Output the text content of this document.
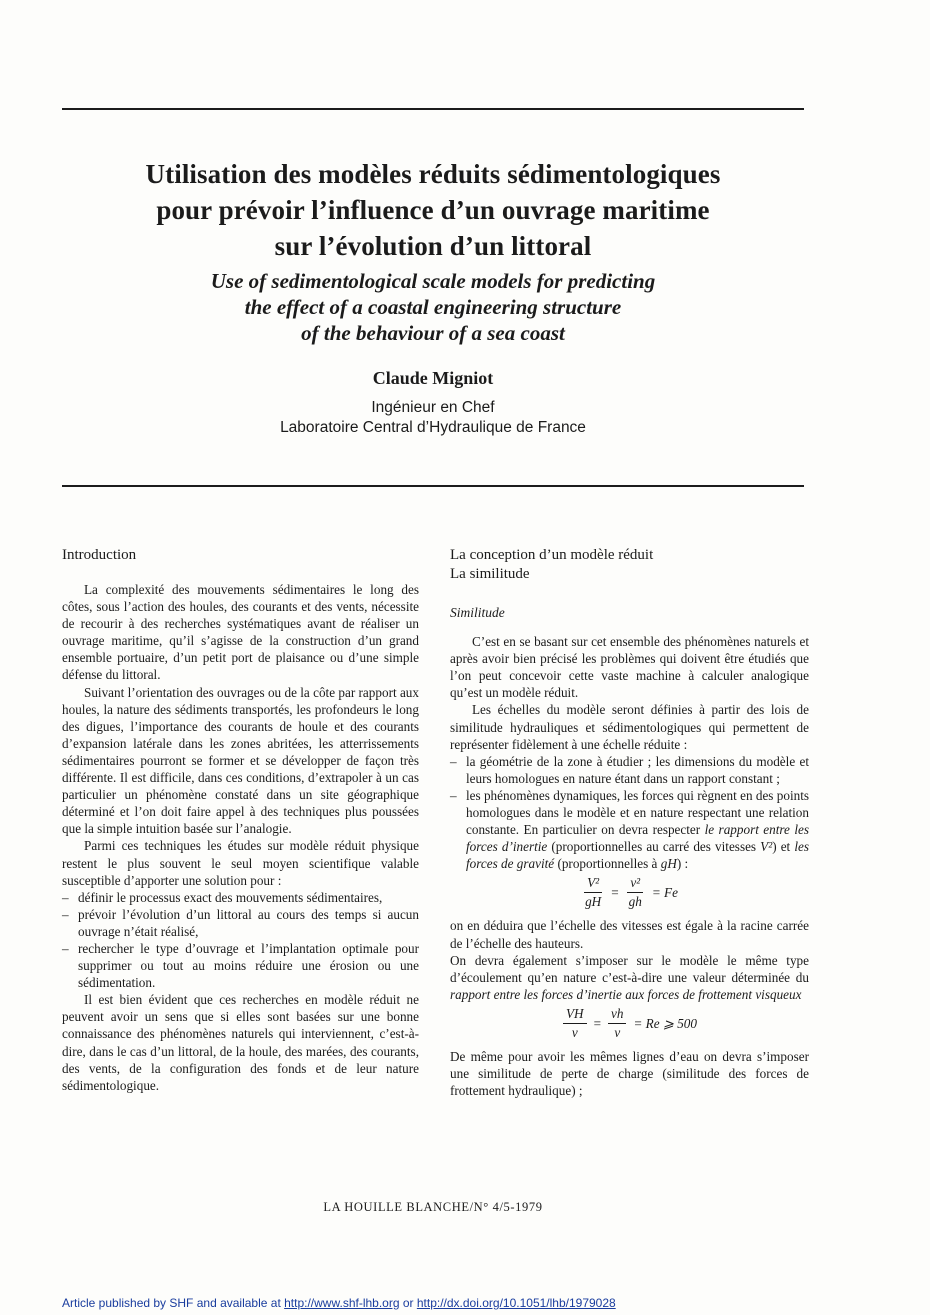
Utilisation des modèles réduits sédimentologiques
pour prévoir l’influence d’un ouvrage maritime
sur l’évolution d’un littoral
Use of sedimentological scale models for predicting
the effect of a coastal engineering structure
of the behaviour of a sea coast
Claude Migniot
Ingénieur en Chef
Laboratoire Central d’Hydraulique de France
Introduction

La complexité des mouvements sédimentaires le long des côtes, sous l’action des houles, des courants et des vents, nécessite de recourir à des recherches systématiques avant de réaliser un ouvrage maritime, qu’il s’agisse de la construction d’un grand ensemble portuaire, d’un petit port de plaisance ou d’une simple défense du littoral.

Suivant l’orientation des ouvrages ou de la côte par rapport aux houles, la nature des sédiments transportés, les profondeurs le long des digues, l’importance des courants de houle et des courants d’expansion latérale dans les zones abritées, les atterrissements sédimentaires pourront se former et se développer de façon très différente. Il est difficile, dans ces conditions, d’extrapoler à un cas particulier un phénomène constaté dans un site géographique déterminé et l’on doit faire appel à des techniques plus poussées que la simple intuition basée sur l’analogie.

Parmi ces techniques les études sur modèle réduit physique restent le plus souvent le seul moyen scientifique valable susceptible d’apporter une solution pour :

– définir le processus exact des mouvements sédimentaires,
– prévoir l’évolution d’un littoral au cours des temps si aucun ouvrage n’était réalisé,
– rechercher le type d’ouvrage et l’implantation optimale pour supprimer ou tout au moins réduire une érosion ou une sédimentation.

Il est bien évident que ces recherches en modèle réduit ne peuvent avoir un sens que si elles sont basées sur une bonne connaissance des phénomènes naturels qui interviennent, c’est-à-dire, dans le cas d’un littoral, de la houle, des marées, des courants, des vents, de la configuration des fonds et de leur nature sédimentologique.

La conception d’un modèle réduit
La similitude
Similitude

C’est en se basant sur cet ensemble des phénomènes naturels et après avoir bien précisé les problèmes qui doivent être étudiés que l’on peut concevoir cette vaste machine à calculer analogique qu’est un modèle réduit.

Les échelles du modèle seront définies à partir des lois de similitude hydrauliques et sédimentologiques qui permettent de représenter fidèlement à une échelle réduite :

– la géométrie de la zone à étudier ; les dimensions du modèle et leurs homologues en nature étant dans un rapport constant ;
– les phénomènes dynamiques, les forces qui règnent en des points homologues dans le modèle et en nature respectant une relation constante. En particulier on devra respecter le rapport entre les forces d’inertie (proportionnelles au carré des vitesses V²) et les forces de gravité (proportionnelles à gH) :
$\frac{\text{V²}}{gH} = \frac{\text{v²}}{gh} = Fe$

on en déduira que l’échelle des vitesses est égale à la racine carrée de l’échelle des hauteurs.

On devra également s’imposer sur le modèle le même type d’écoulement qu’en nature c’est-à-dire une valeur déterminée du rapport entre les forces d’inertie aux forces de frottement visqueux

$\frac{VH}{\nu} = \frac{vh}{\nu} = Re$ ⩾ 500

De même pour avoir les mêmes lignes d’eau on devra s’imposer une similitude de perte de charge (similitude des forces de frottement hydraulique) ;

LA HOUILLE BLANCHE/N° 4/5-1979
Article published by SHF and available at http://www.shf-lhb.org or http://dx.doi.org/10.1051/lhb/1979028
